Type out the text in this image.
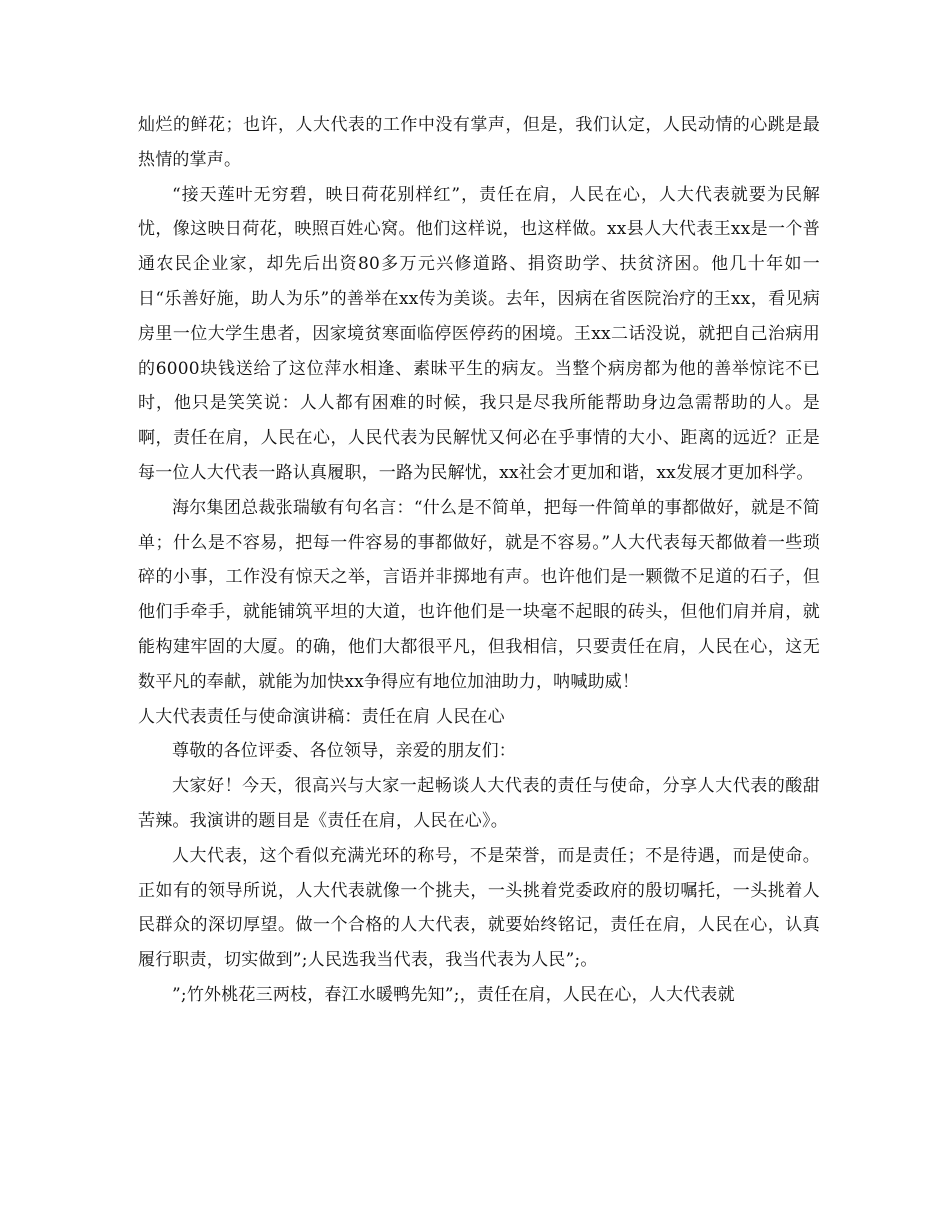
灿烂的鲜花；也许，人大代表的工作中没有掌声，但是，我们认定，人民动情的心跳是最热情的掌声。

“接天莲叶无穷碧，映日荷花别样红”，责任在肩，人民在心，人大代表就要为民解忧，像这映日荷花，映照百姓心窝。他们这样说，也这样做。xx县人大代表王xx是一个普通农民企业家，却先后出资80多万元兴修道路、捐资助学、扶贫济困。他几十年如一日“乐善好施，助人为乐”的善举在xx传为美谈。去年，因病在省医院治疗的王xx，看见病房里一位大学生患者，因家境贫寒面临停医停药的困境。王xx二话没说，就把自己治病用的6000块钱送给了这位萍水相逢、素昧平生的病友。当整个病房都为他的善举惊诧不已时，他只是笑笑说：人人都有困难的时候，我只是尽我所能帮助身边急需帮助的人。是啊，责任在肩，人民在心，人民代表为民解忧又何必在乎事情的大小、距离的远近？正是每一位人大代表一路认真履职，一路为民解忧，xx社会才更加和谐，xx发展才更加科学。

海尔集团总裁张瑞敏有句名言：“什么是不简单，把每一件简单的事都做好，就是不简单；什么是不容易，把每一件容易的事都做好，就是不容易。”人大代表每天都做着一些琐碎的小事，工作没有惊天之举，言语并非掷地有声。也许他们是一颗微不足道的石子，但他们手牵手，就能铺筑平坦的大道，也许他们是一块毫不起眼的砖头，但他们肩并肩，就能构建牢固的大厦。的确，他们大都很平凡，但我相信，只要责任在肩，人民在心，这无数平凡的奉献，就能为加快xx争得应有地位加油助力，呐喊助威！

人大代表责任与使命演讲稿：责任在肩 人民在心

尊敬的各位评委、各位领导，亲爱的朋友们：

大家好！今天，很高兴与大家一起畅谈人大代表的责任与使命，分享人大代表的酸甜苦辣。我演讲的题目是《责任在肩，人民在心》。

人大代表，这个看似充满光环的称号，不是荣誉，而是责任；不是待遇，而是使命。正如有的领导所说，人大代表就像一个挑夫，一头挑着党委政府的殷切嘱托，一头挑着人民群众的深切厚望。做一个合格的人大代表，就要始终铭记，责任在肩，人民在心，认真履行职责，切实做到”;人民选我当代表，我当代表为人民”;。

”;竹外桃花三两枝，春江水暖鸭先知”;，责任在肩，人民在心，人大代表就
